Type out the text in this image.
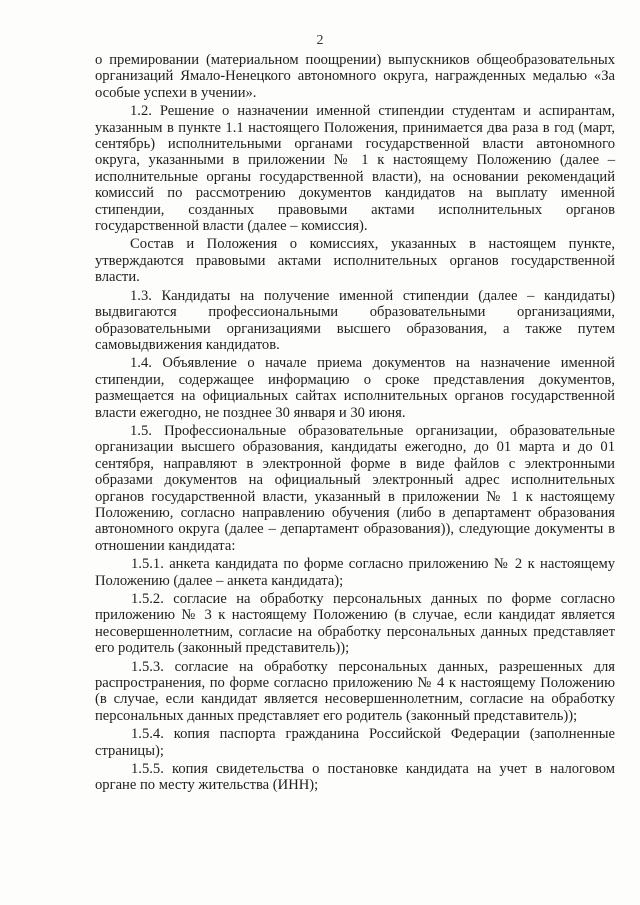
2

о премировании (материальном поощрении) выпускников общеобразовательных организаций Ямало-Ненецкого автономного округа, награжденных медалью «За особые успехи в учении».

1.2. Решение о назначении именной стипендии студентам и аспирантам, указанным в пункте 1.1 настоящего Положения, принимается два раза в год (март, сентябрь) исполнительными органами государственной власти автономного округа, указанными в приложении № 1 к настоящему Положению (далее – исполнительные органы государственной власти), на основании рекомендаций комиссий по рассмотрению документов кандидатов на выплату именной стипендии, созданных правовыми актами исполнительных органов государственной власти (далее – комиссия).

Состав и Положения о комиссиях, указанных в настоящем пункте, утверждаются правовыми актами исполнительных органов государственной власти.

1.3. Кандидаты на получение именной стипендии (далее – кандидаты) выдвигаются профессиональными образовательными организациями, образовательными организациями высшего образования, а также путем самовыдвижения кандидатов.

1.4. Объявление о начале приема документов на назначение именной стипендии, содержащее информацию о сроке представления документов, размещается на официальных сайтах исполнительных органов государственной власти ежегодно, не позднее 30 января и 30 июня.

1.5. Профессиональные образовательные организации, образовательные организации высшего образования, кандидаты ежегодно, до 01 марта и до 01 сентября, направляют в электронной форме в виде файлов с электронными образами документов на официальный электронный адрес исполнительных органов государственной власти, указанный в приложении № 1 к настоящему Положению, согласно направлению обучения (либо в департамент образования автономного округа (далее – департамент образования)), следующие документы в отношении кандидата:

1.5.1. анкета кандидата по форме согласно приложению № 2 к настоящему Положению (далее – анкета кандидата);

1.5.2. согласие на обработку персональных данных по форме согласно приложению № 3 к настоящему Положению (в случае, если кандидат является несовершеннолетним, согласие на обработку персональных данных представляет его родитель (законный представитель));

1.5.3. согласие на обработку персональных данных, разрешенных для распространения, по форме согласно приложению № 4 к настоящему Положению (в случае, если кандидат является несовершеннолетним, согласие на обработку персональных данных представляет его родитель (законный представитель));

1.5.4. копия паспорта гражданина Российской Федерации (заполненные страницы);

1.5.5. копия свидетельства о постановке кандидата на учет в налоговом органе по месту жительства (ИНН);
